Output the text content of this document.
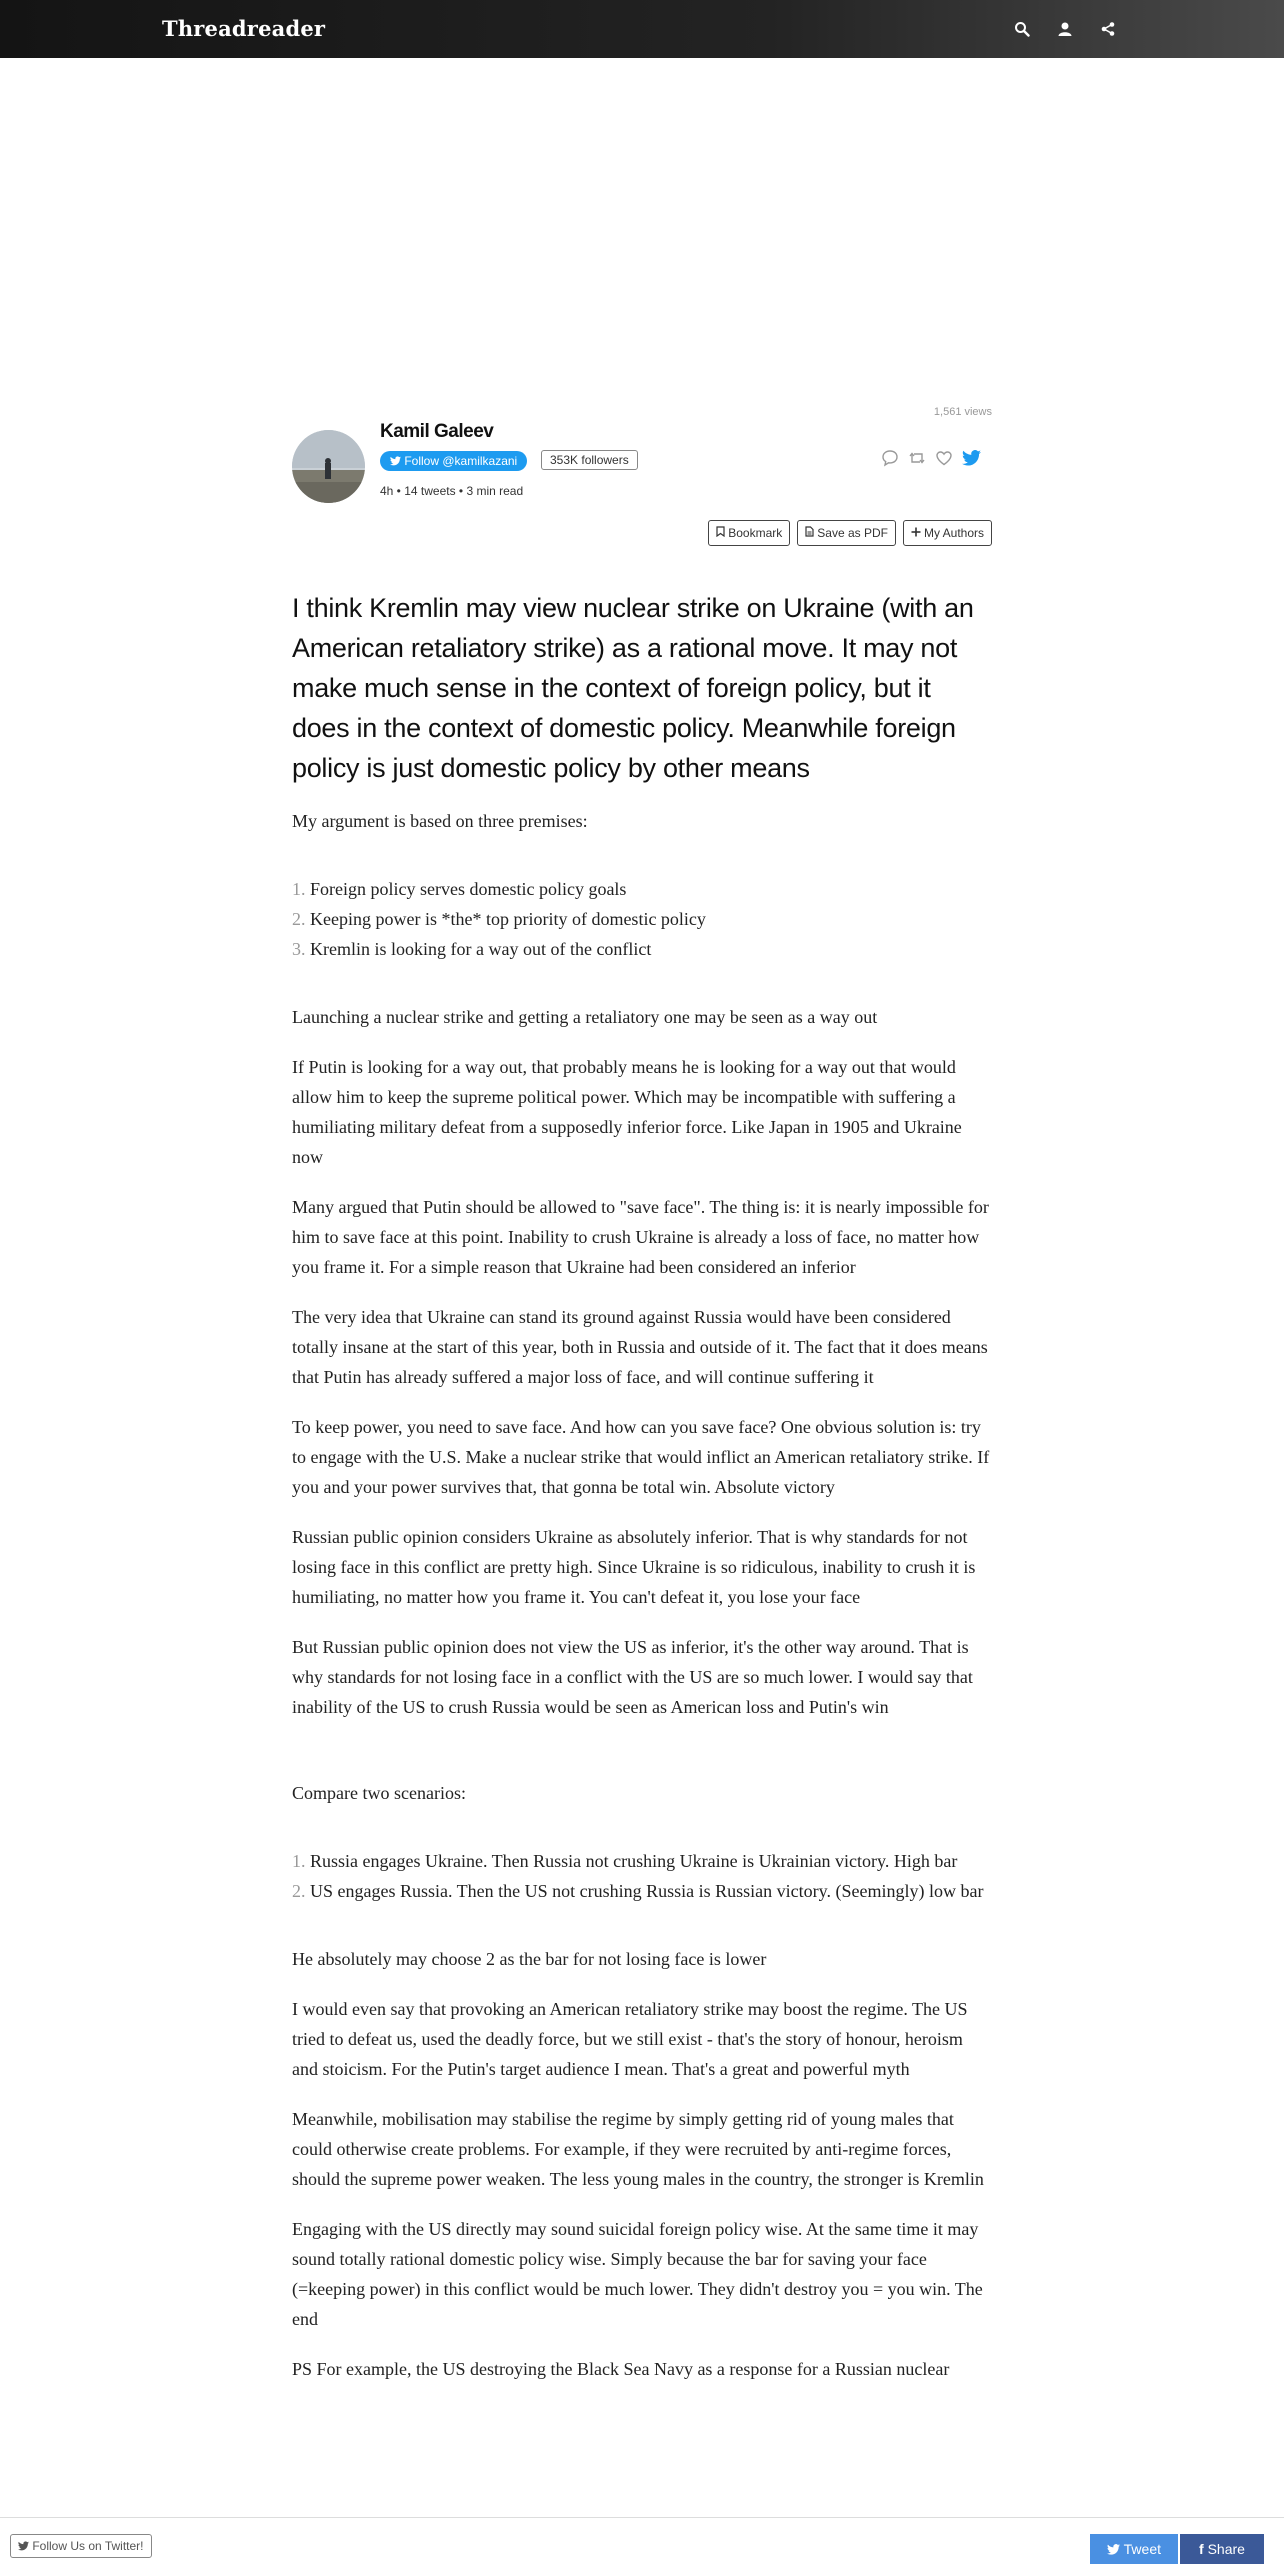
Threadreader
1,561 views
Kamil Galeev
Follow @kamilkazani	353K followers
4h • 14 tweets • 3 min read
Bookmark	Save as PDF	My Authors
I think Kremlin may view nuclear strike on Ukraine (with an American retaliatory strike) as a rational move. It may not make much sense in the context of foreign policy, but it does in the context of domestic policy. Meanwhile foreign policy is just domestic policy by other means

My argument is based on three premises:

1. Foreign policy serves domestic policy goals
2. Keeping power is *the* top priority of domestic policy
3. Kremlin is looking for a way out of the conflict

Launching a nuclear strike and getting a retaliatory one may be seen as a way out

If Putin is looking for a way out, that probably means he is looking for a way out that would allow him to keep the supreme political power. Which may be incompatible with suffering a humiliating military defeat from a supposedly inferior force. Like Japan in 1905 and Ukraine now

Many argued that Putin should be allowed to "save face". The thing is: it is nearly impossible for him to save face at this point. Inability to crush Ukraine is already a loss of face, no matter how you frame it. For a simple reason that Ukraine had been considered an inferior

The very idea that Ukraine can stand its ground against Russia would have been considered totally insane at the start of this year, both in Russia and outside of it. The fact that it does means that Putin has already suffered a major loss of face, and will continue suffering it

To keep power, you need to save face. And how can you save face? One obvious solution is: try to engage with the U.S. Make a nuclear strike that would inflict an American retaliatory strike. If you and your power survives that, that gonna be total win. Absolute victory

Russian public opinion considers Ukraine as absolutely inferior. That is why standards for not losing face in this conflict are pretty high. Since Ukraine is so ridiculous, inability to crush it is humiliating, no matter how you frame it. You can't defeat it, you lose your face

But Russian public opinion does not view the US as inferior, it's the other way around. That is why standards for not losing face in a conflict with the US are so much lower. I would say that inability of the US to crush Russia would be seen as American loss and Putin's win

Compare two scenarios:

1. Russia engages Ukraine. Then Russia not crushing Ukraine is Ukrainian victory. High bar
2. US engages Russia. Then the US not crushing Russia is Russian victory. (Seemingly) low bar

He absolutely may choose 2 as the bar for not losing face is lower

I would even say that provoking an American retaliatory strike may boost the regime. The US tried to defeat us, used the deadly force, but we still exist - that's the story of honour, heroism and stoicism. For the Putin's target audience I mean. That's a great and powerful myth

Meanwhile, mobilisation may stabilise the regime by simply getting rid of young males that could otherwise create problems. For example, if they were recruited by anti-regime forces, should the supreme power weaken. The less young males in the country, the stronger is Kremlin

Engaging with the US directly may sound suicidal foreign policy wise. At the same time it may sound totally rational domestic policy wise. Simply because the bar for saving your face (=keeping power) in this conflict would be much lower. They didn't destroy you = you win. The end

PS For example, the US destroying the Black Sea Navy as a response for a Russian nuclear

Follow Us on Twitter!	Tweet	f Share
